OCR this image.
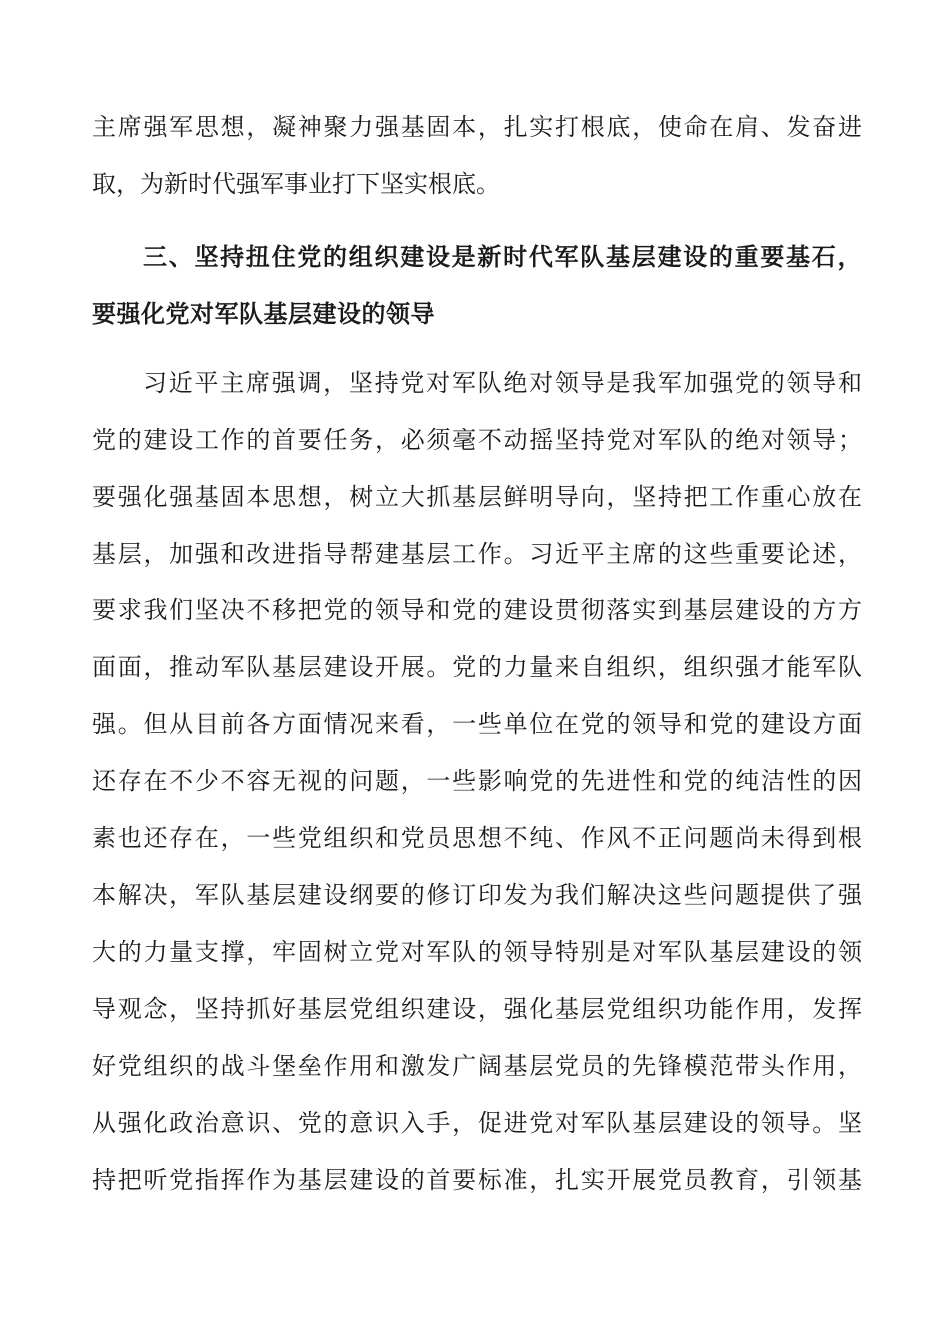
主席强军思想，凝神聚力强基固本，扎实打根底，使命在肩、发奋进
取，为新时代强军事业打下坚实根底。
三、坚持扭住党的组织建设是新时代军队基层建设的重要基石，
要强化党对军队基层建设的领导
习近平主席强调，坚持党对军队绝对领导是我军加强党的领导和
党的建设工作的首要任务，必须毫不动摇坚持党对军队的绝对领导；
要强化强基固本思想，树立大抓基层鲜明导向，坚持把工作重心放在
基层，加强和改进指导帮建基层工作。习近平主席的这些重要论述，
要求我们坚决不移把党的领导和党的建设贯彻落实到基层建设的方方
面面，推动军队基层建设开展。党的力量来自组织，组织强才能军队
强。但从目前各方面情况来看，一些单位在党的领导和党的建设方面
还存在不少不容无视的问题，一些影响党的先进性和党的纯洁性的因
素也还存在，一些党组织和党员思想不纯、作风不正问题尚未得到根
本解决，军队基层建设纲要的修订印发为我们解决这些问题提供了强
大的力量支撑，牢固树立党对军队的领导特别是对军队基层建设的领
导观念，坚持抓好基层党组织建设，强化基层党组织功能作用，发挥
好党组织的战斗堡垒作用和激发广阔基层党员的先锋模范带头作用，
从强化政治意识、党的意识入手，促进党对军队基层建设的领导。坚
持把听党指挥作为基层建设的首要标准，扎实开展党员教育，引领基
